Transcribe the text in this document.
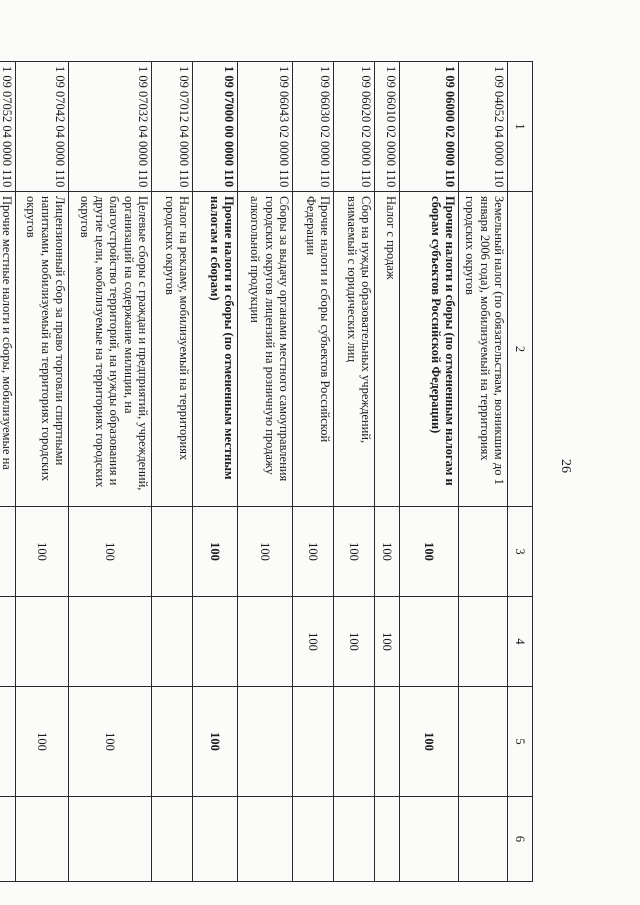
26
1	2	3	4	5	6
1 09 04052 04 0000 110	Земельный налог (по обязательствам, возникшим до 1 января 2006 года), мобилизуемый на территориях городских округов				
1 09 06000 02 0000 110	Прочие налоги и сборы (по отмененным налогам и сборам субъектов Российской Федерации)	100		100	
1 09 06010 02 0000 110	Налог с продаж	100	100		
1 09 06020 02 0000 110	Сбор на нужды образовательных учреждений, взимаемый с юридических лиц	100	100		
1 09 06030 02 0000 110	Прочие налоги и сборы субъектов Российской Федерации	100	100		
1 09 06043 02 0000 110	Сборы за выдачу органами местного самоуправления городских округов лицензий на розничную продажу алкогольной продукции	100			
1 09 07000 00 0000 110	Прочие налоги и сборы (по отмененным местным налогам и сборам)	100		100	
1 09 07012 04 0000 110	Налог на рекламу, мобилизуемый на территориях городских округов				
1 09 07032 04 0000 110	Целевые сборы с граждан и предприятий, учреждений, организаций на содержание милиции, на благоустройство территорий, на нужды образования и другие цели, мобилизуемые на территориях городских округов	100		100	
1 09 07042 04 0000 110	Лицензионный сбор за право торговли спиртными напитками, мобилизуемый на территориях городских округов	100		100	
1 09 07052 04 0000 110	Прочие местные налоги и сборы, мобилизуемые на				
